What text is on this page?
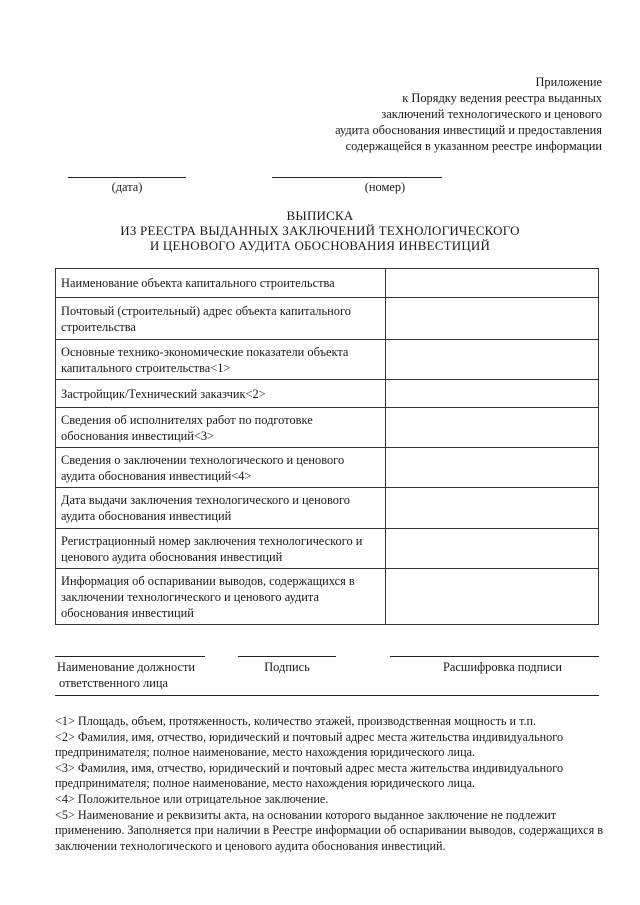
Приложение
к Порядку ведения реестра выданных
заключений технологического и ценового
аудита обоснования инвестиций и предоставления
содержащейся в указанном реестре информации
(дата)	(номер)
ВЫПИСКА
ИЗ РЕЕСТРА ВЫДАННЫХ ЗАКЛЮЧЕНИЙ ТЕХНОЛОГИЧЕСКОГО
И ЦЕНОВОГО АУДИТА ОБОСНОВАНИЯ ИНВЕСТИЦИЙ
Наименование объекта капитального строительства	
Почтовый (строительный) адрес объекта капитального строительства	
Основные технико-экономические показатели объекта капитального строительства<1>	
Застройщик/Технический заказчик<2>	
Сведения об исполнителях работ по подготовке обоснования инвестиций<3>	
Сведения о заключении технологического и ценового аудита обоснования инвестиций<4>	
Дата выдачи заключения технологического и ценового аудита обоснования инвестиций	
Регистрационный номер заключения технологического и ценового аудита обоснования инвестиций	
Информация об оспаривании выводов, содержащихся в заключении технологического и ценового аудита обоснования инвестиций	
Наименование должности
ответственного лица
Подпись	Расшифровка подписи
<1> Площадь, объем, протяженность, количество этажей, производственная мощность и т.п.
<2> Фамилия, имя, отчество, юридический и почтовый адрес места жительства индивидуального предпринимателя; полное наименование, место нахождения юридического лица.
<3> Фамилия, имя, отчество, юридический и почтовый адрес места жительства индивидуального предпринимателя; полное наименование, место нахождения юридического лица.
<4> Положительное или отрицательное заключение.
<5> Наименование и реквизиты акта, на основании которого выданное заключение не подлежит применению. Заполняется при наличии в Реестре информации об оспаривании выводов, содержащихся в заключении технологического и ценового аудита обоснования инвестиций.
